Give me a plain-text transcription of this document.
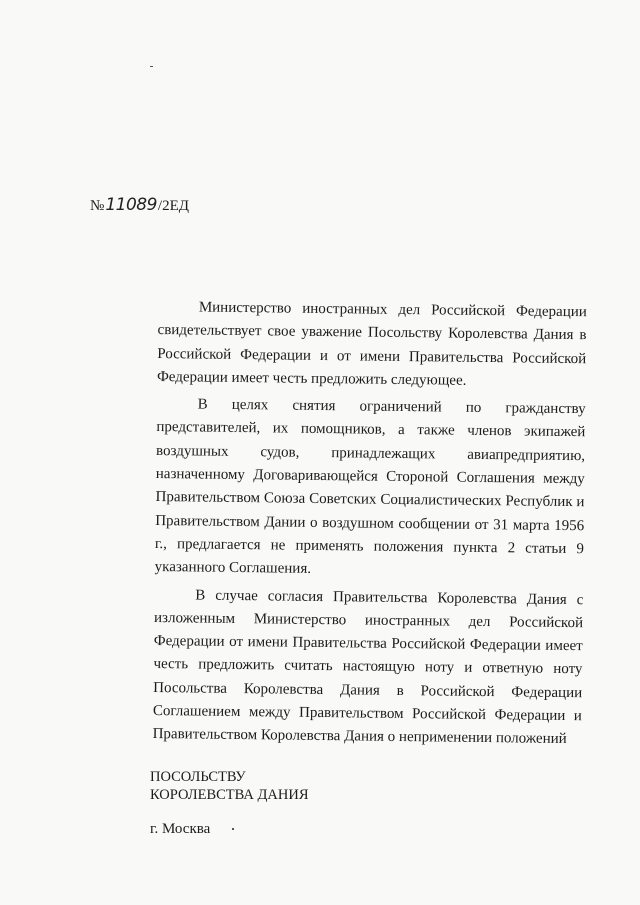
№11089/2ЕД

Министерство иностранных дел Российской Федерации свидетельствует свое уважение Посольству Королевства Дания в Российской Федерации и от имени Правительства Российской Федерации имеет честь предложить следующее.

В целях снятия ограничений по гражданству представителей, их помощников, а также членов экипажей воздушных судов, принадлежащих авиапредприятию, назначенному Договаривающейся Стороной Соглашения между Правительством Союза Советских Социалистических Республик и Правительством Дании о воздушном сообщении от 31 марта 1956 г., предлагается не применять положения пункта 2 статьи 9 указанного Соглашения.

В случае согласия Правительства Королевства Дания с изложенным Министерство иностранных дел Российской Федерации от имени Правительства Российской Федерации имеет честь предложить считать настоящую ноту и ответную ноту Посольства Королевства Дания в Российской Федерации Соглашением между Правительством Российской Федерации и Правительством Королевства Дания о неприменении положений

ПОСОЛЬСТВУ
КОРОЛЕВСТВА ДАНИЯ
г. Москва
